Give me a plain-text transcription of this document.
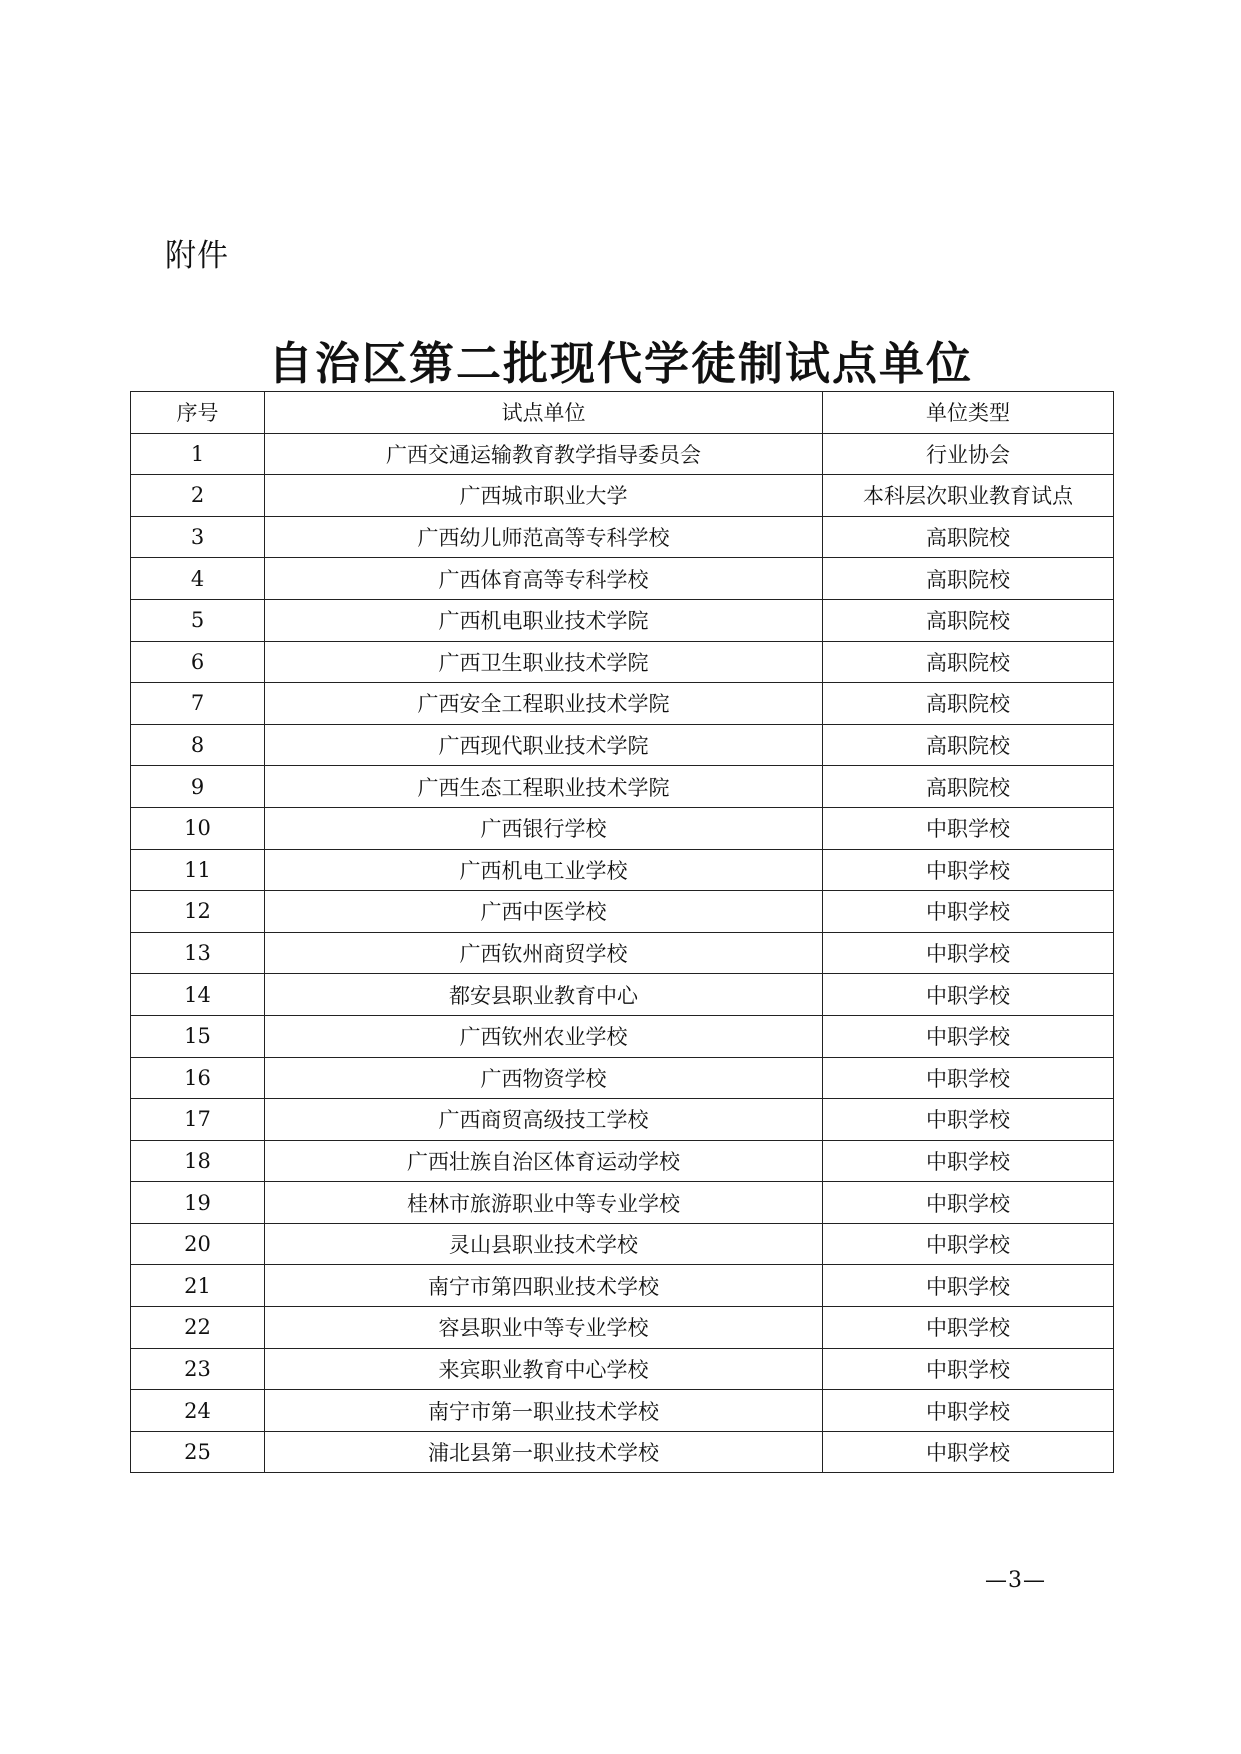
附件
自治区第二批现代学徒制试点单位
序号	试点单位	单位类型
1	广西交通运输教育教学指导委员会	行业协会
2	广西城市职业大学	本科层次职业教育试点
3	广西幼儿师范高等专科学校	高职院校
4	广西体育高等专科学校	高职院校
5	广西机电职业技术学院	高职院校
6	广西卫生职业技术学院	高职院校
7	广西安全工程职业技术学院	高职院校
8	广西现代职业技术学院	高职院校
9	广西生态工程职业技术学院	高职院校
10	广西银行学校	中职学校
11	广西机电工业学校	中职学校
12	广西中医学校	中职学校
13	广西钦州商贸学校	中职学校
14	都安县职业教育中心	中职学校
15	广西钦州农业学校	中职学校
16	广西物资学校	中职学校
17	广西商贸高级技工学校	中职学校
18	广西壮族自治区体育运动学校	中职学校
19	桂林市旅游职业中等专业学校	中职学校
20	灵山县职业技术学校	中职学校
21	南宁市第四职业技术学校	中职学校
22	容县职业中等专业学校	中职学校
23	来宾职业教育中心学校	中职学校
24	南宁市第一职业技术学校	中职学校
25	浦北县第一职业技术学校	中职学校
—3—
